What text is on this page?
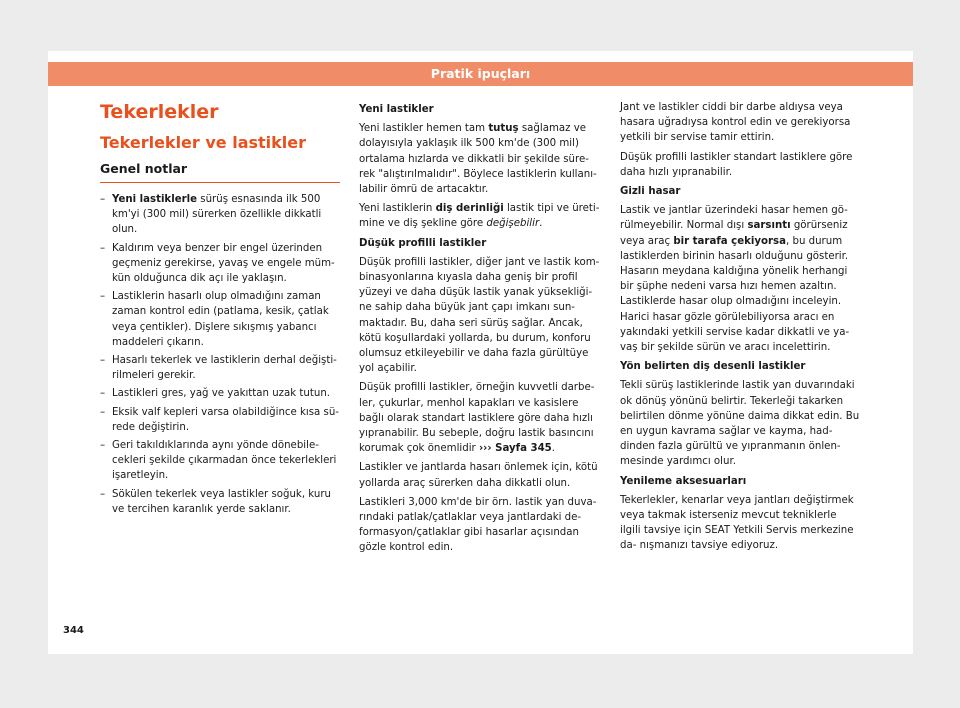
Pratik ipuçları
Tekerlekler
Tekerlekler ve lastikler
Genel notlar
– Yeni lastiklerle sürüş esnasında ilk 500 km'yi (300 mil) sürerken özellikle dikkatli olun.
– Kaldırım veya benzer bir engel üzerinden geçmeniz gerekirse, yavaş ve engele müm- kün olduğunca dik açı ile yaklaşın.
– Lastiklerin hasarlı olup olmadığını zaman zaman kontrol edin (patlama, kesik, çatlak veya çentikler). Dişlere sıkışmış yabancı maddeleri çıkarın.
– Hasarlı tekerlek ve lastiklerin derhal değişti- rilmeleri gerekir.
– Lastikleri gres, yağ ve yakıttan uzak tutun.
– Eksik valf kepleri varsa olabildiğince kısa sü- rede değiştirin.
– Geri takıldıklarında aynı yönde dönebile- cekleri şekilde çıkarmadan önce tekerlekleri işaretleyin.
– Sökülen tekerlek veya lastikler soğuk, kuru ve tercihen karanlık yerde saklanır.

Yeni lastikler

Yeni lastikler hemen tam tutuş sağlamaz ve dolayısıyla yaklaşık ilk 500 km'de (300 mil) ortalama hızlarda ve dikkatli bir şekilde süre- rek "alıştırılmalıdır". Böylece lastiklerin kullanı- labilir ömrü de artacaktır.

Yeni lastiklerin diş derinliği lastik tipi ve üreti- mine ve diş şekline göre değişebilir.

Düşük profilli lastikler

Düşük profilli lastikler, diğer jant ve lastik kom- binasyonlarına kıyasla daha geniş bir profil yüzeyi ve daha düşük lastik yanak yüksekliği- ne sahip daha büyük jant çapı imkanı sun- maktadır. Bu, daha seri sürüş sağlar. Ancak, kötü koşullardaki yollarda, bu durum, konforu olumsuz etkileyebilir ve daha fazla gürültüye yol açabilir.

Düşük profilli lastikler, örneğin kuvvetli darbe- ler, çukurlar, menhol kapakları ve kasislere bağlı olarak standart lastiklere göre daha hızlı yıpranabilir. Bu sebeple, doğru lastik basıncını korumak çok önemlidir ››› Sayfa 345.

Lastikler ve jantlarda hasarı önlemek için, kötü yollarda araç sürerken daha dikkatli olun.

Lastikleri 3,000 km'de bir örn. lastik yan duva- rındaki patlak/çatlaklar veya jantlardaki de- formasyon/çatlaklar gibi hasarlar açısından gözle kontrol edin.

Jant ve lastikler ciddi bir darbe aldıysa veya hasara uğradıysa kontrol edin ve gerekiyorsa yetkili bir servise tamir ettirin.

Düşük profilli lastikler standart lastiklere göre daha hızlı yıpranabilir.

Gizli hasar

Lastik ve jantlar üzerindeki hasar hemen gö- rülmeyebilir. Normal dışı sarsıntı görürseniz veya araç bir tarafa çekiyorsa, bu durum lastiklerden birinin hasarlı olduğunu gösterir. Hasarın meydana kaldığına yönelik herhangi bir şüphe nedeni varsa hızı hemen azaltın. Lastiklerde hasar olup olmadığını inceleyin. Harici hasar gözle görülebiliyorsa aracı en yakındaki yetkili servise kadar dikkatli ve ya- vaş bir şekilde sürün ve aracı incelettirin.

Yön belirten diş desenli lastikler

Tekli sürüş lastiklerinde lastik yan duvarındaki ok dönüş yönünü belirtir. Tekerleği takarken belirtilen dönme yönüne daima dikkat edin. Bu en uygun kavrama sağlar ve kayma, had- dinden fazla gürültü ve yıpranmanın önlen- mesinde yardımcı olur.

Yenileme aksesuarları

Tekerlekler, kenarlar veya jantları değiştirmek veya takmak isterseniz mevcut tekniklerle ilgili tavsiye için SEAT Yetkili Servis merkezine da- nışmanızı tavsiye ediyoruz.

344
